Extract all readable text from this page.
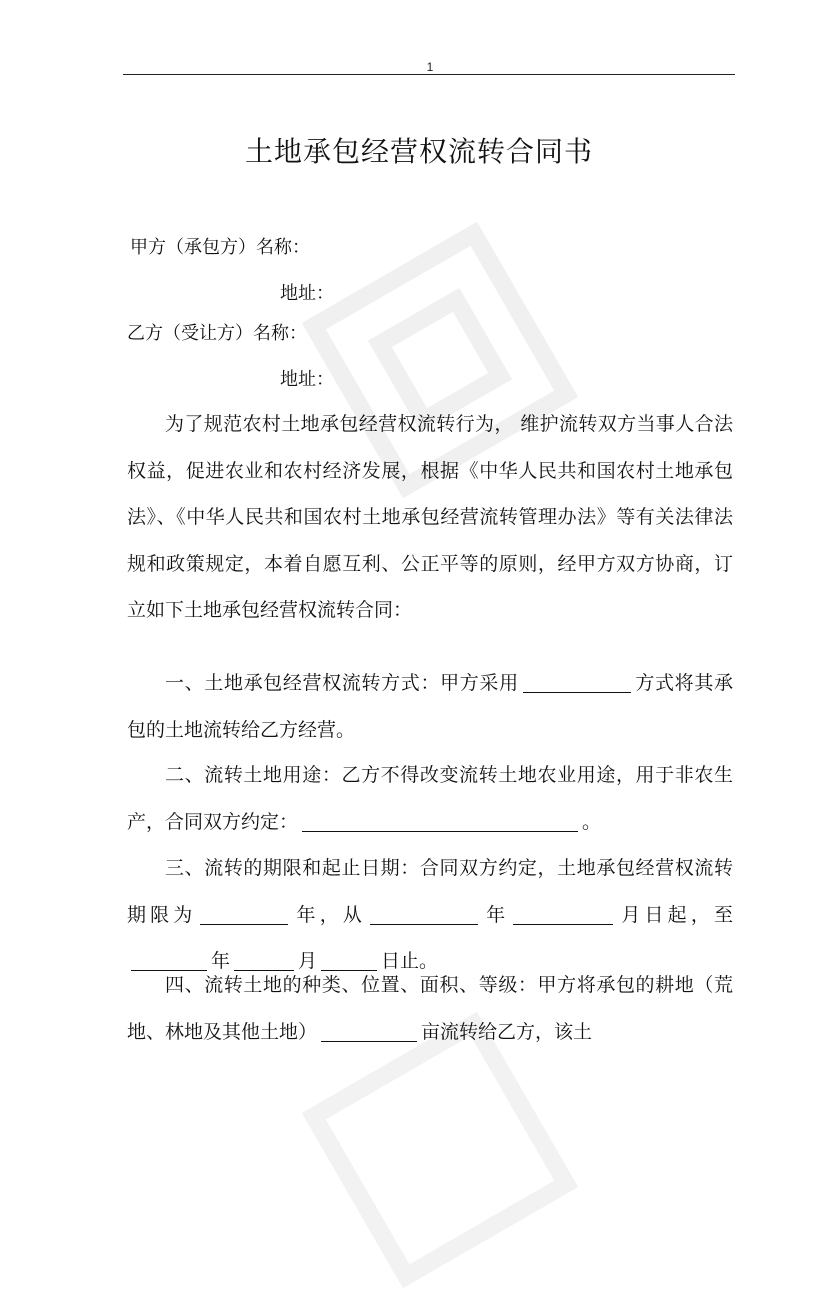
1
土地承包经营权流转合同书
甲方（承包方）名称：
地址：
乙方（受让方）名称：
地址：

为了规范农村土地承包经营权流转行为， 维护流转双方当事人合法权益，促进农业和农村经济发展，根据《中华人民共和国农村土地承包法》、《中华人民共和国农村土地承包经营流转管理办法》等有关法律法规和政策规定，本着自愿互利、公正平等的原则，经甲方双方协商，订立如下土地承包经营权流转合同：

一、土地承包经营权流转方式：甲方采用	方式将其承包的土地流转给乙方经营。

二、流转土地用途：乙方不得改变流转土地农业用途，用于非农生产，合同双方约定：	。

三、流转的期限和起止日期：合同双方约定，土地承包经营权流转期限为	年，从	年	月日起，至年	月	日止。

四、流转土地的种类、位置、面积、等级：甲方将承包的耕地（荒地、林地及其他土地）	亩流转给乙方，该土
